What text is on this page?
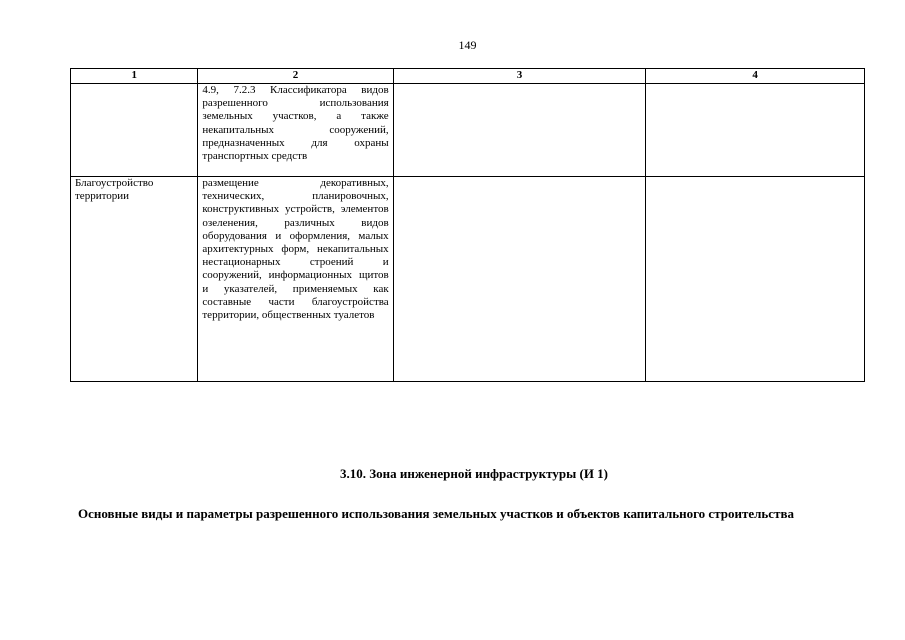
149
1	2	3	4
	4.9, 7.2.3 Классификатора видов разрешенного использования земельных участков, а также некапитальных сооружений, предназначенных для охраны транспортных средств		
Благоустройство территории	размещение декоративных, технических, планировочных, конструктивных устройств, элементов озеленения, различных видов оборудования и оформления, малых архитектурных форм, некапитальных нестационарных строений и сооружений, информационных щитов и указателей, применяемых как составные части благоустройства территории, общественных туалетов		
3.10. Зона инженерной инфраструктуры (И 1)
Основные виды и параметры разрешенного использования земельных участков и объектов капитального строительства
